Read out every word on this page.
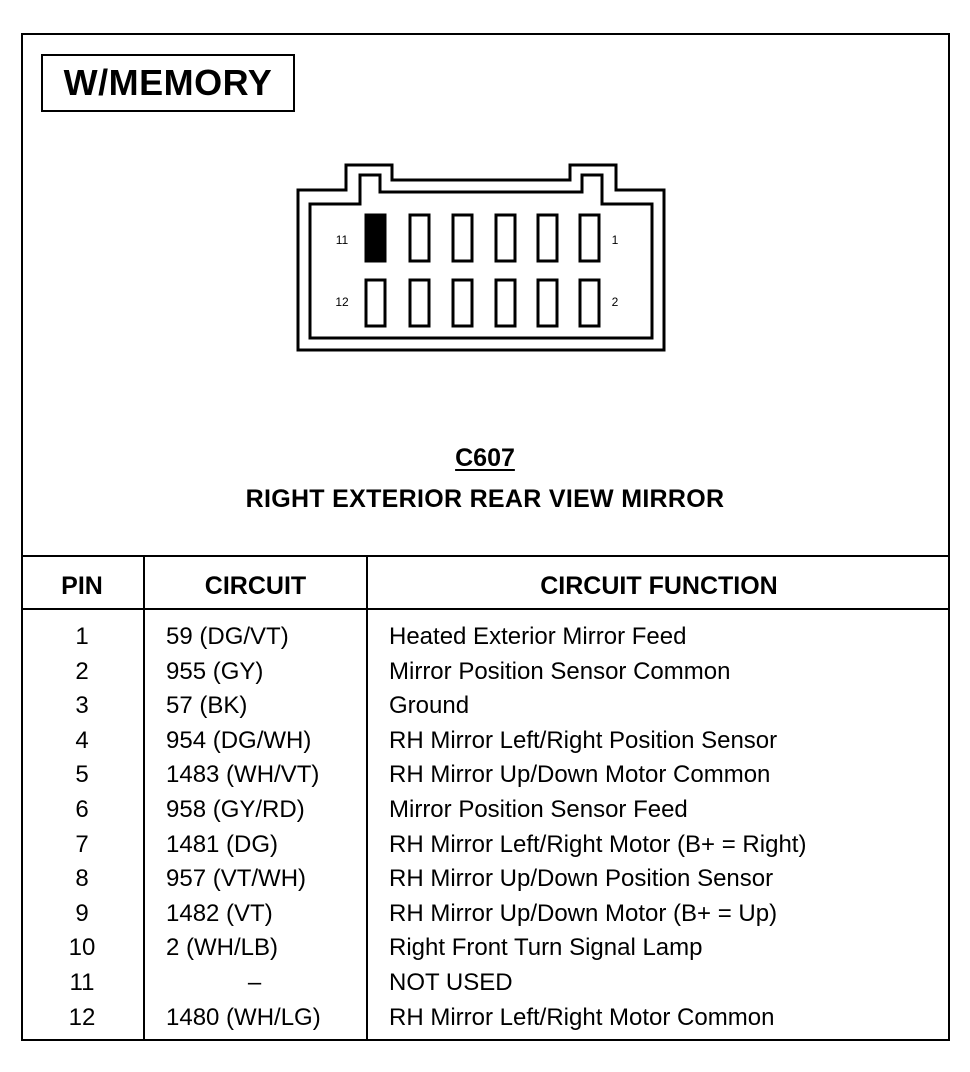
W/MEMORY
11	1
12	2
C607
RIGHT EXTERIOR REAR VIEW MIRROR
PIN	CIRCUIT	CIRCUIT FUNCTION
1	59 (DG/VT)	Heated Exterior Mirror Feed
2	955 (GY)	Mirror Position Sensor Common
3	57 (BK)	Ground
4	954 (DG/WH)	RH Mirror Left/Right Position Sensor
5	1483 (WH/VT)	RH Mirror Up/Down Motor Common
6	958 (GY/RD)	Mirror Position Sensor Feed
7	1481 (DG)	RH Mirror Left/Right Motor (B+ = Right)
8	957 (VT/WH)	RH Mirror Up/Down Position Sensor
9	1482 (VT)	RH Mirror Up/Down Motor (B+ = Up)
10	2 (WH/LB)	Right Front Turn Signal Lamp
11	–	NOT USED
12	1480 (WH/LG)	RH Mirror Left/Right Motor Common
